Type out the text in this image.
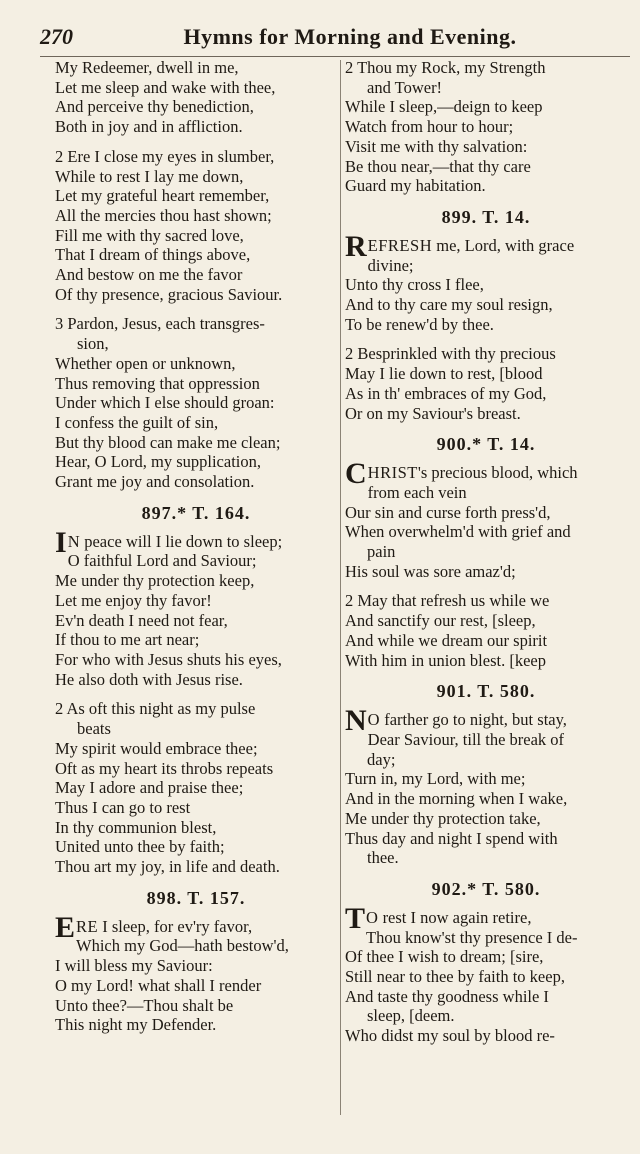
270	Hymns for Morning and Evening.
My Redeemer, dwell in me,
Let me sleep and wake with thee,
And perceive thy benediction,
Both in joy and in affliction.
2 Ere I close my eyes in slumber,
While to rest I lay me down,
Let my grateful heart remember,
All the mercies thou hast shown;
Fill me with thy sacred love,
That I dream of things above,
And bestow on me the favor
Of thy presence, gracious Saviour.
3 Pardon, Jesus, each transgres-
sion,
Whether open or unknown,
Thus removing that oppression
Under which I else should groan:
I confess the guilt of sin,
But thy blood can make me clean;
Hear, O Lord, my supplication,
Grant me joy and consolation.
897.* T. 164.
I N peace will I lie down to sleep;
O faithful Lord and Saviour;
Me under thy protection keep,
Let me enjoy thy favor!
Ev'n death I need not fear,
If thou to me art near;
For who with Jesus shuts his eyes,
He also doth with Jesus rise.
2 As oft this night as my pulse
beats
My spirit would embrace thee;
Oft as my heart its throbs repeats
May I adore and praise thee;
Thus I can go to rest
In thy communion blest,
United unto thee by faith;
Thou art my joy, in life and death.
898. T. 157.
ERE I sleep, for ev'ry favor,
Which my God—hath bestow'd,
I will bless my Saviour:
O my Lord! what shall I render
Unto thee?—Thou shalt be
This night my Defender.
2 Thou my Rock, my Strength
and Tower!
While I sleep,—deign to keep
Watch from hour to hour;
Visit me with thy salvation:
Be thou near,—that thy care
Guard my habitation.
899. T. 14.
REFRESH me, Lord, with grace
divine;
Unto thy cross I flee,
And to thy care my soul resign,
To be renew'd by thee.
2 Besprinkled with thy precious
May I lie down to rest, [blood
As in th' embraces of my God,
Or on my Saviour's breast.
900.* T. 14.
CHRIST's precious blood, which
from each vein
Our sin and curse forth press'd,
When overwhelm'd with grief and
pain
His soul was sore amaz'd;
2 May that refresh us while we
And sanctify our rest, [sleep,
And while we dream our spirit
With him in union blest. [keep
901. T. 580.
N O farther go to night, but stay,
Dear Saviour, till the break of
day;
Turn in, my Lord, with me;
And in the morning when I wake,
Me under thy protection take,
Thus day and night I spend with
thee.
902.* T. 580.
T O rest I now again retire,
Thou know'st thy presence I de-
Of thee I wish to dream; [sire,
Still near to thee by faith to keep,
And taste thy goodness while I
sleep, [deem.
Who didst my soul by blood re-
